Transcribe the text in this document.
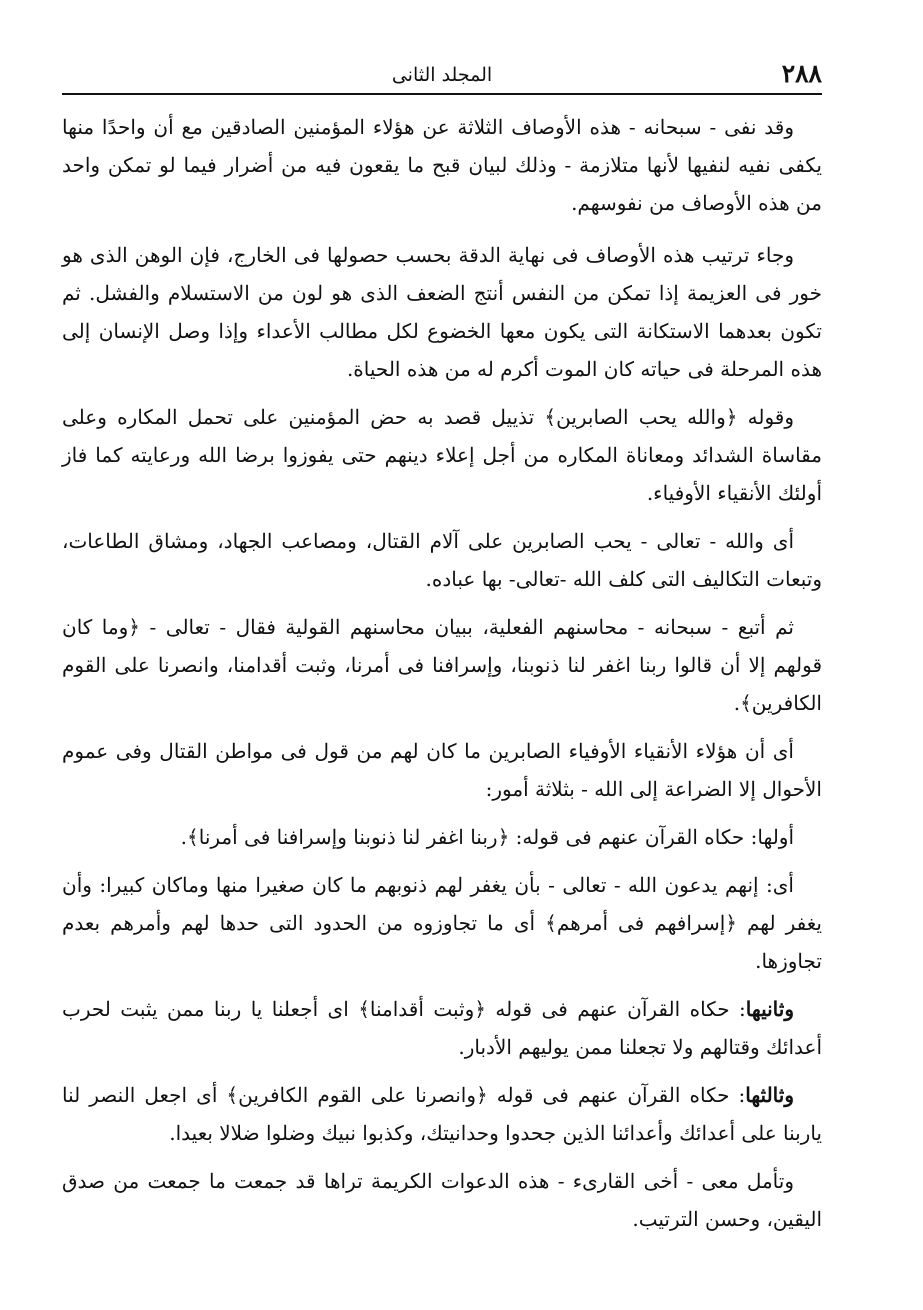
٢٨٨
المجلد الثانى

وقد نفى - سبحانه - هذه الأوصاف الثلاثة عن هؤلاء المؤمنين الصادقين مع أن واحدًا منها يكفى نفيه لنفيها لأنها متلازمة - وذلك لبيان قبح ما يقعون فيه من أضرار فيما لو تمكن واحد من هذه الأوصاف من نفوسهم.

وجاء ترتيب هذه الأوصاف فى نهاية الدقة بحسب حصولها فى الخارج، فإن الوهن الذى هو خور فى العزيمة إذا تمكن من النفس أنتج الضعف الذى هو لون من الاستسلام والفشل. ثم تكون بعدهما الاستكانة التى يكون معها الخضوع لكل مطالب الأعداء وإذا وصل الإنسان إلى هذه المرحلة فى حياته كان الموت أكرم له من هذه الحياة.

وقوله ﴿والله يحب الصابرين﴾ تذييل قصد به حض المؤمنين على تحمل المكاره وعلى مقاساة الشدائد ومعاناة المكاره من أجل إعلاء دينهم حتى يفوزوا برضا الله ورعايته كما فاز أولئك الأنقياء الأوفياء.

أى والله - تعالى - يحب الصابرين على آلام القتال، ومصاعب الجهاد، ومشاق الطاعات، وتبعات التكاليف التى كلف الله -تعالى- بها عباده.

ثم أتبع - سبحانه - محاسنهم الفعلية، ببيان محاسنهم القولية فقال - تعالى - ﴿وما كان قولهم إلا أن قالوا ربنا اغفر لنا ذنوبنا، وإسرافنا فى أمرنا، وثبت أقدامنا، وانصرنا على القوم الكافرين﴾.

أى أن هؤلاء الأنقياء الأوفياء الصابرين ما كان لهم من قول فى مواطن القتال وفى عموم الأحوال إلا الضراعة إلى الله - بثلاثة أمور:

أولها: حكاه القرآن عنهم فى قوله: ﴿ربنا اغفر لنا ذنوبنا وإسرافنا فى أمرنا﴾.

أى: إنهم يدعون الله - تعالى - بأن يغفر لهم ذنوبهم ما كان صغيرا منها وماكان كبيرا: وأن يغفر لهم ﴿إسرافهم فى أمرهم﴾ أى ما تجاوزوه من الحدود التى حدها لهم وأمرهم بعدم تجاوزها.

وثانيها: حكاه القرآن عنهم فى قوله ﴿وثبت أقدامنا﴾ اى أجعلنا يا ربنا ممن يثبت لحرب أعدائك وقتالهم ولا تجعلنا ممن يوليهم الأدبار.

وثالثها: حكاه القرآن عنهم فى قوله ﴿وانصرنا على القوم الكافرين﴾ أى اجعل النصر لنا ياربنا على أعدائك وأعدائنا الذين جحدوا وحدانيتك، وكذبوا نبيك وضلوا ضلالا بعيدا.

وتأمل معى - أخى القارىء - هذه الدعوات الكريمة تراها قد جمعت ما جمعت من صدق اليقين، وحسن الترتيب.
